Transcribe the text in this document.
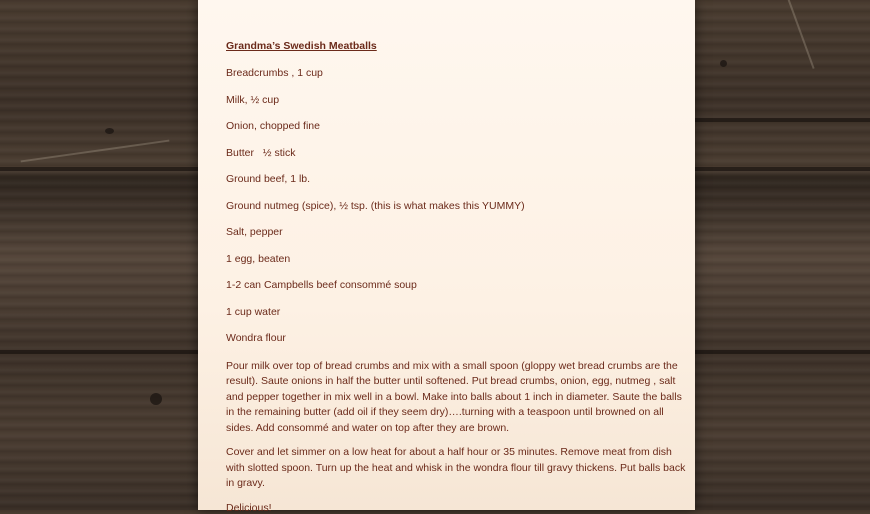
Grandma’s Swedish Meatballs
Breadcrumbs , 1 cup
Milk, ½ cup
Onion, chopped fine
Butter   ½ stick
Ground beef, 1 lb.
Ground nutmeg (spice), ½ tsp. (this is what makes this YUMMY)
Salt, pepper
1 egg, beaten
1-2 can Campbells beef consommé soup
1 cup water
Wondra flour
Pour milk over top of bread crumbs and mix with a small spoon (gloppy wet bread crumbs are the result). Saute onions in half the butter until softened. Put bread crumbs, onion, egg, nutmeg , salt and pepper together in mix well in a bowl. Make into balls about 1 inch in diameter. Saute the balls in the remaining butter (add oil if they seem dry)….turning with a teaspoon until browned on all sides. Add consommé and water on top after they are brown.
Cover and let simmer on a low heat for about a half hour or 35 minutes. Remove meat from dish with slotted spoon. Turn up the heat and whisk in the wondra flour till gravy thickens. Put balls back in gravy.
Delicious!
